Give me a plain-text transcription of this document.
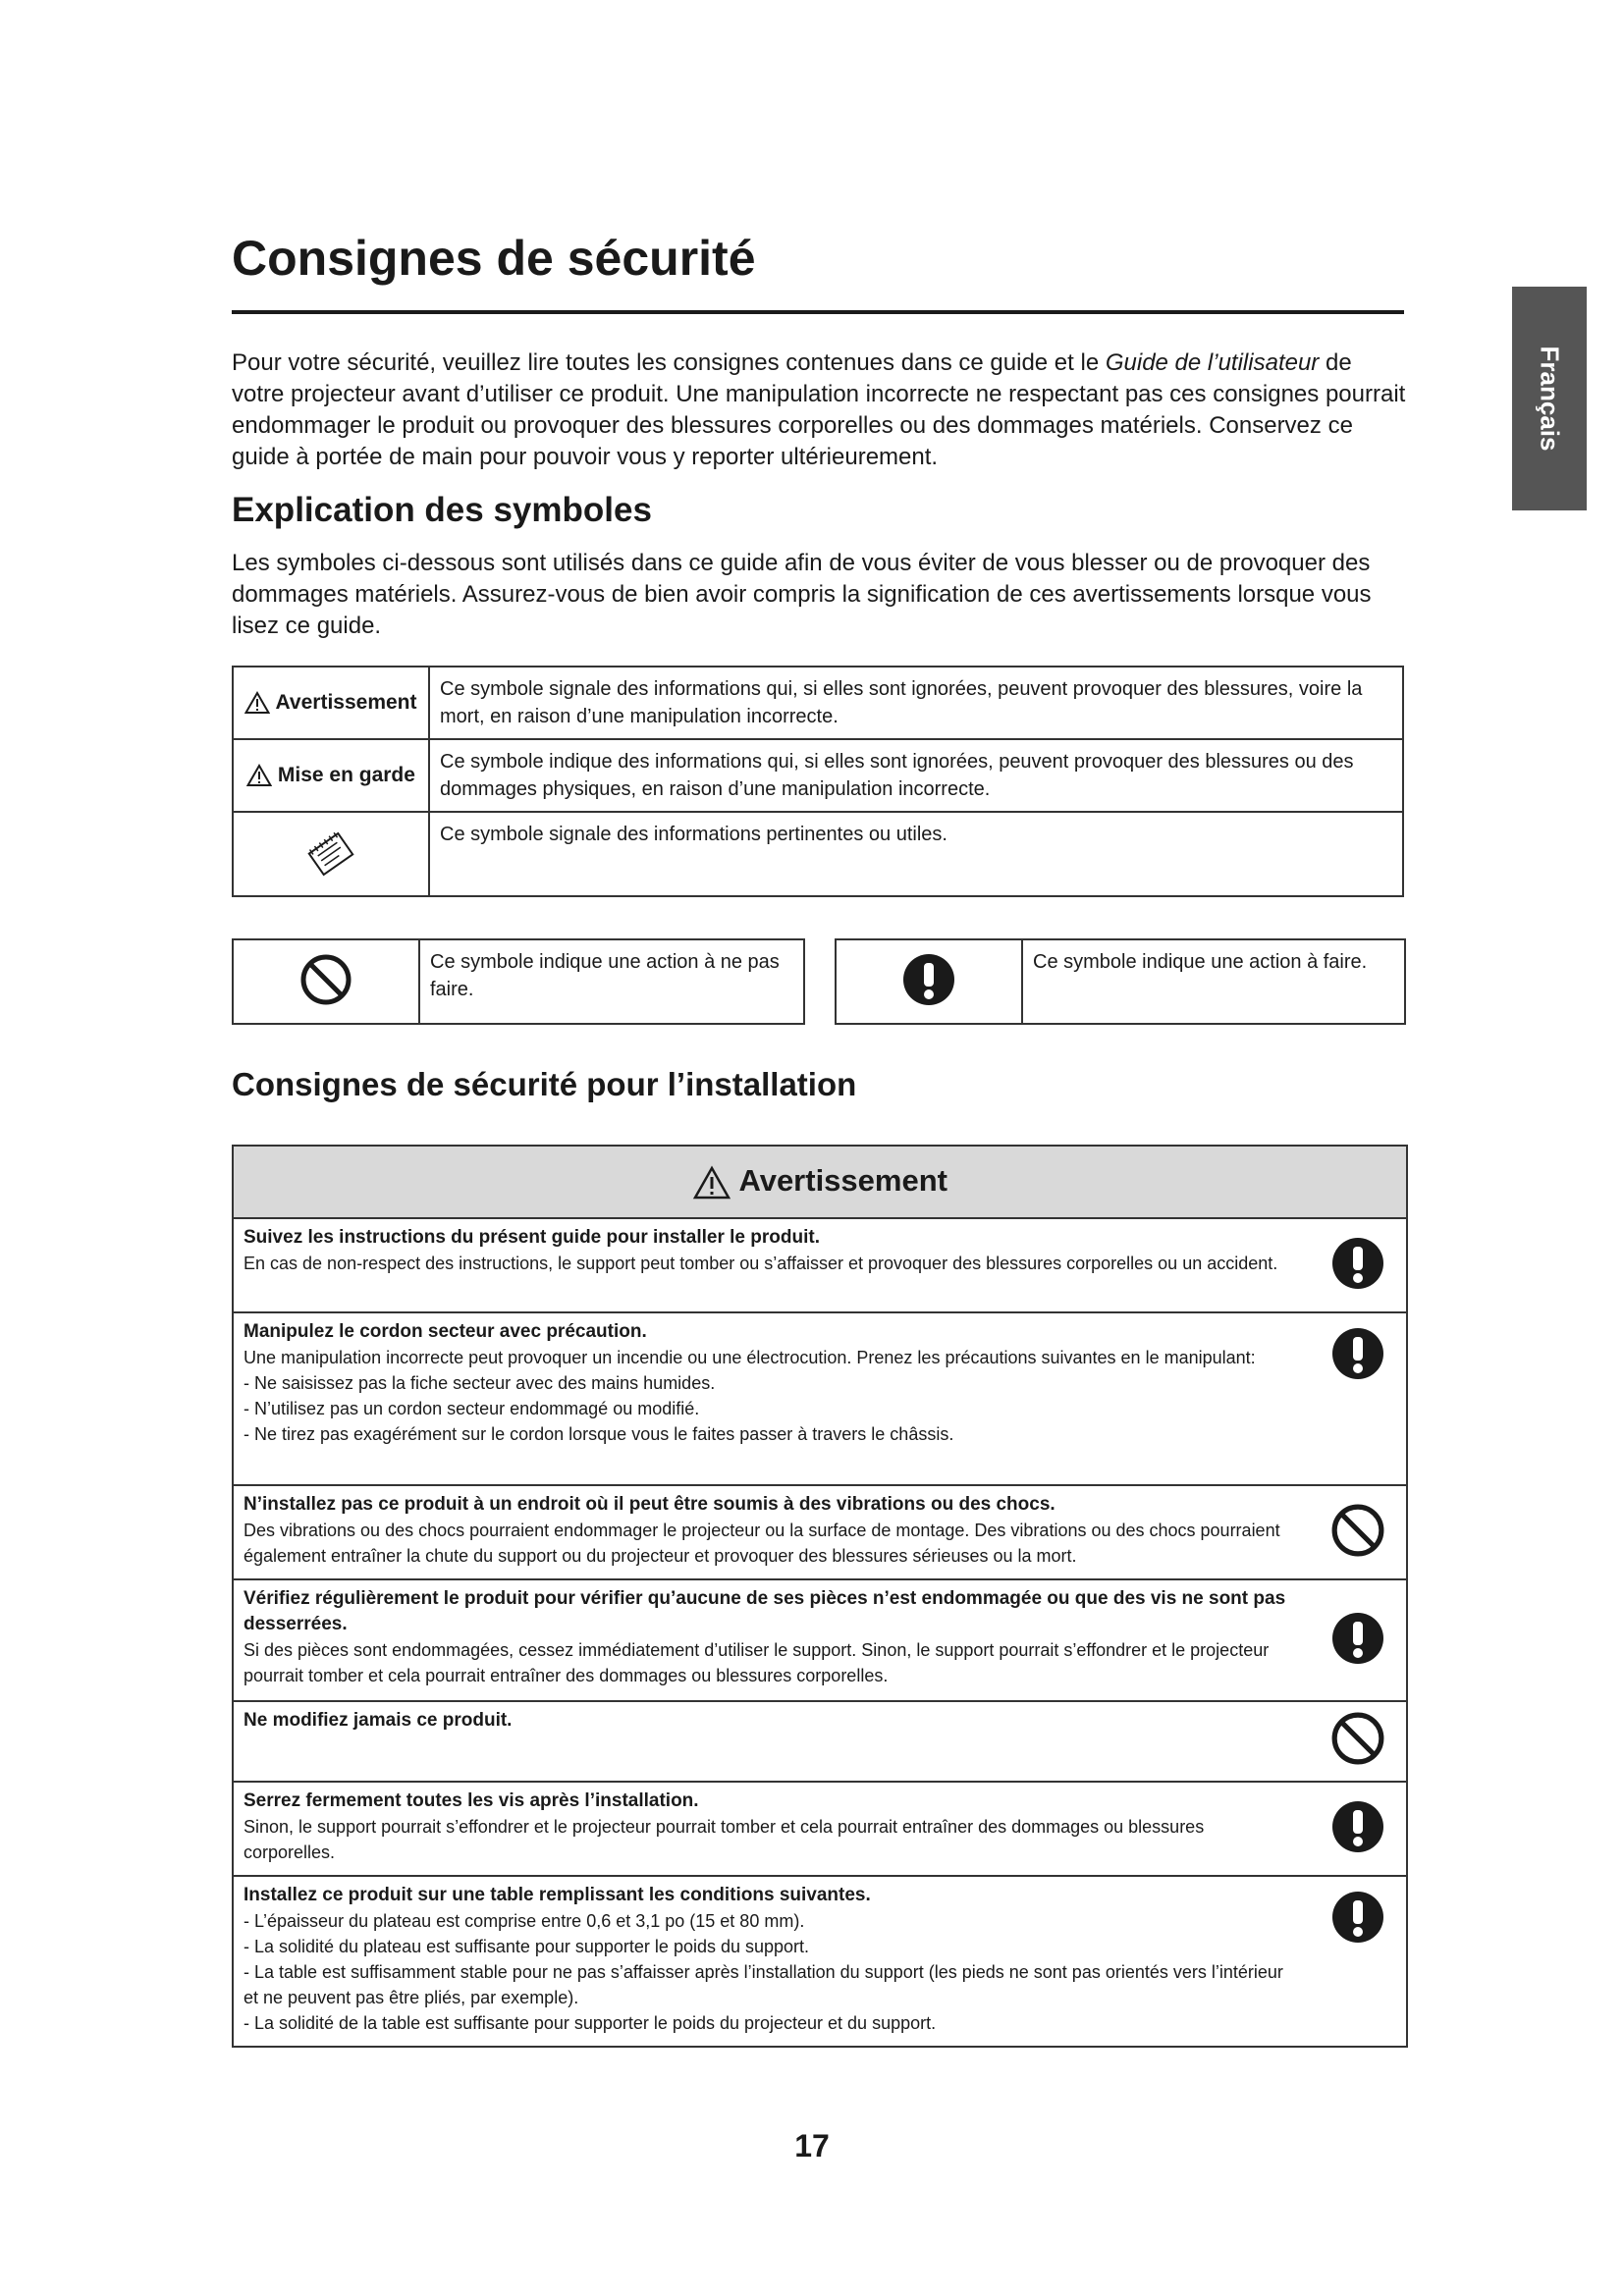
Consignes de sécurité
Français

Pour votre sécurité, veuillez lire toutes les consignes contenues dans ce guide et le Guide de l’utilisateur de votre projecteur avant d’utiliser ce produit. Une manipulation incorrecte ne respectant pas ces consignes pourrait endommager le produit ou provoquer des blessures corporelles ou des dommages matériels. Conservez ce guide à portée de main pour pouvoir vous y reporter ultérieurement.

Explication des symboles

Les symboles ci-dessous sont utilisés dans ce guide afin de vous éviter de vous blesser ou de provoquer des dommages matériels. Assurez-vous de bien avoir compris la signification de ces avertissements lorsque vous lisez ce guide.

Avertissement	Ce symbole signale des informations qui, si elles sont ignorées, peuvent provoquer des blessures, voire la mort, en raison d’une manipulation incorrecte.
Mise en garde	Ce symbole indique des informations qui, si elles sont ignorées, peuvent provoquer des blessures ou des dommages physiques, en raison d’une manipulation incorrecte.
	Ce symbole signale des informations pertinentes ou utiles.
	Ce symbole indique une action à ne pas faire.
	Ce symbole indique une action à faire.
Consignes de sécurité pour l’installation
Avertissement	

Suivez les instructions du présent guide pour installer le produit.
En cas de non-respect des instructions, le support peut tomber ou s’affaisser et provoquer des blessures corporelles ou un accident.

Manipulez le cordon secteur avec précaution.
Une manipulation incorrecte peut provoquer un incendie ou une électrocution. Prenez les précautions suivantes en le manipulant:
- Ne saisissez pas la fiche secteur avec des mains humides.
- N’utilisez pas un cordon secteur endommagé ou modifié.
- Ne tirez pas exagérément sur le cordon lorsque vous le faites passer à travers le châssis.

N’installez pas ce produit à un endroit où il peut être soumis à des vibrations ou des chocs.
Des vibrations ou des chocs pourraient endommager le projecteur ou la surface de montage. Des vibrations ou des chocs pourraient également entraîner la chute du support ou du projecteur et provoquer des blessures sérieuses ou la mort.

Vérifiez régulièrement le produit pour vérifier qu’aucune de ses pièces n’est endommagée ou que des vis ne sont pas desserrées.
Si des pièces sont endommagées, cessez immédiatement d’utiliser le support. Sinon, le support pourrait s’effondrer et le projecteur pourrait tomber et cela pourrait entraîner des dommages ou blessures corporelles.

Ne modifiez jamais ce produit.

Serrez fermement toutes les vis après l’installation.
Sinon, le support pourrait s’effondrer et le projecteur pourrait tomber et cela pourrait entraîner des dommages ou blessures corporelles.

Installez ce produit sur une table remplissant les conditions suivantes.
- L’épaisseur du plateau est comprise entre 0,6 et 3,1 po (15 et 80 mm).
- La solidité du plateau est suffisante pour supporter le poids du support.
- La table est suffisamment stable pour ne pas s’affaisser après l’installation du support (les pieds ne sont pas orientés vers l’intérieur et ne peuvent pas être pliés, par exemple).
- La solidité de la table est suffisante pour supporter le poids du projecteur et du support.

17
